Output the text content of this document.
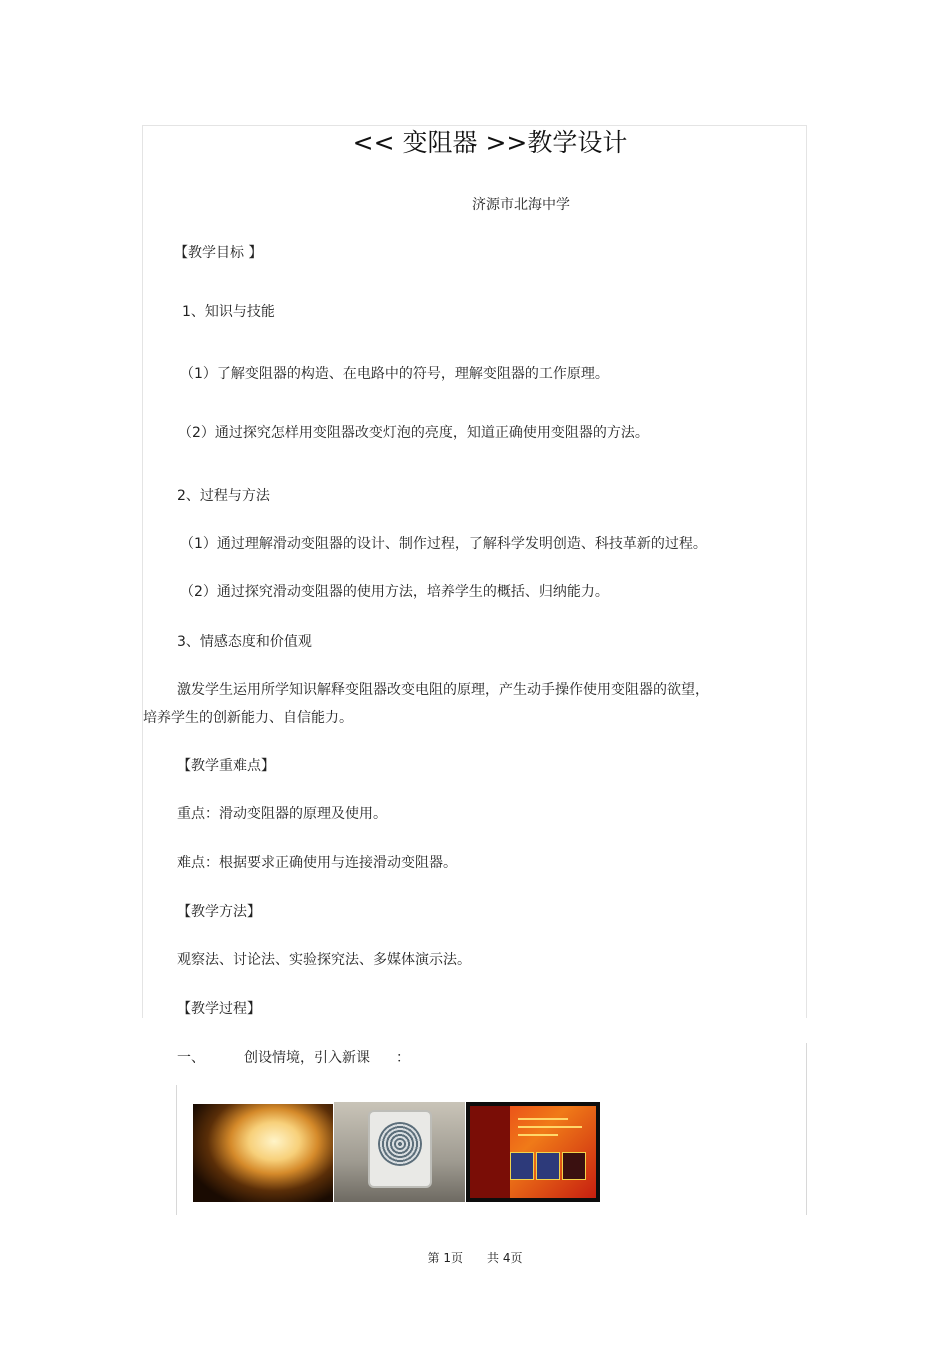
<< 变阻器 >>教学设计
济源市北海中学
【教学目标 】
1、知识与技能
（1）了解变阻器的构造、在电路中的符号，理解变阻器的工作原理。
（2）通过探究怎样用变阻器改变灯泡的亮度，知道正确使用变阻器的方法。
2、过程与方法
（1）通过理解滑动变阻器的设计、制作过程，了解科学发明创造、科技革新的过程。
（2）通过探究滑动变阻器的使用方法，培养学生的概括、归纳能力。
3、情感态度和价值观
激发学生运用所学知识解释变阻器改变电阻的原理，产生动手操作使用变阻器的欲望，
培养学生的创新能力、自信能力。
【教学重难点】
重点：滑动变阻器的原理及使用。
难点：根据要求正确使用与连接滑动变阻器。
【教学方法】
观察法、讨论法、实验探究法、多媒体演示法。
【教学过程】
一、	创设情境，引入新课 ：
第 1页 共 4页
